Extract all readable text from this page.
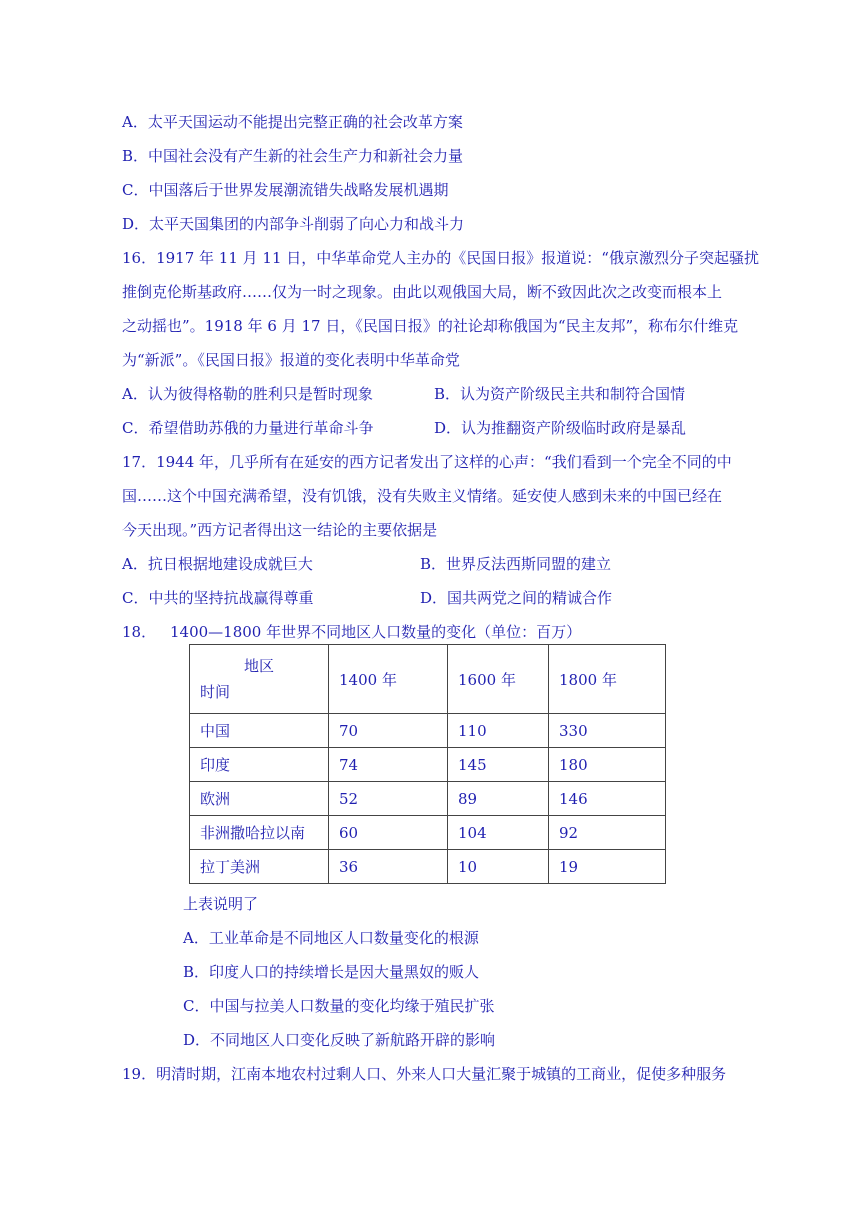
A．太平天国运动不能提出完整正确的社会改革方案
B．中国社会没有产生新的社会生产力和新社会力量
C．中国落后于世界发展潮流错失战略发展机遇期
D．太平天国集团的内部争斗削弱了向心力和战斗力
16．1917 年 11 月 11 日，中华革命党人主办的《民国日报》报道说：“俄京激烈分子突起骚扰
推倒克伦斯基政府……仅为一时之现象。由此以观俄国大局，断不致因此次之改变而根本上
之动摇也”。1918 年 6 月 17 日，《民国日报》的社论却称俄国为“民主友邦”，称布尔什维克
为“新派”。《民国日报》报道的变化表明中华革命党
A．认为彼得格勒的胜利只是暂时现象	B．认为资产阶级民主共和制符合国情
C．希望借助苏俄的力量进行革命斗争	D．认为推翻资产阶级临时政府是暴乱
17．1944 年，几乎所有在延安的西方记者发出了这样的心声：“我们看到一个完全不同的中
国……这个中国充满希望，没有饥饿，没有失败主义情绪。延安使人感到未来的中国已经在
今天出现。”西方记者得出这一结论的主要依据是
A．抗日根据地建设成就巨大	B．世界反法西斯同盟的建立
C．中共的坚持抗战赢得尊重	D．国共两党之间的精诚合作
18． 1400—1800 年世界不同地区人口数量的变化（单位：百万）
地区
时间	1400 年	1600 年	1800 年
中国	70	110	330
印度	74	145	180
欧洲	52	89	146
非洲撒哈拉以南	60	104	92
拉丁美洲	36	10	19
上表说明了
A．工业革命是不同地区人口数量变化的根源
B．印度人口的持续增长是因大量黑奴的贩人
C．中国与拉美人口数量的变化均缘于殖民扩张
D．不同地区人口变化反映了新航路开辟的影响
19．明清时期，江南本地农村过剩人口、外来人口大量汇聚于城镇的工商业，促使多种服务
